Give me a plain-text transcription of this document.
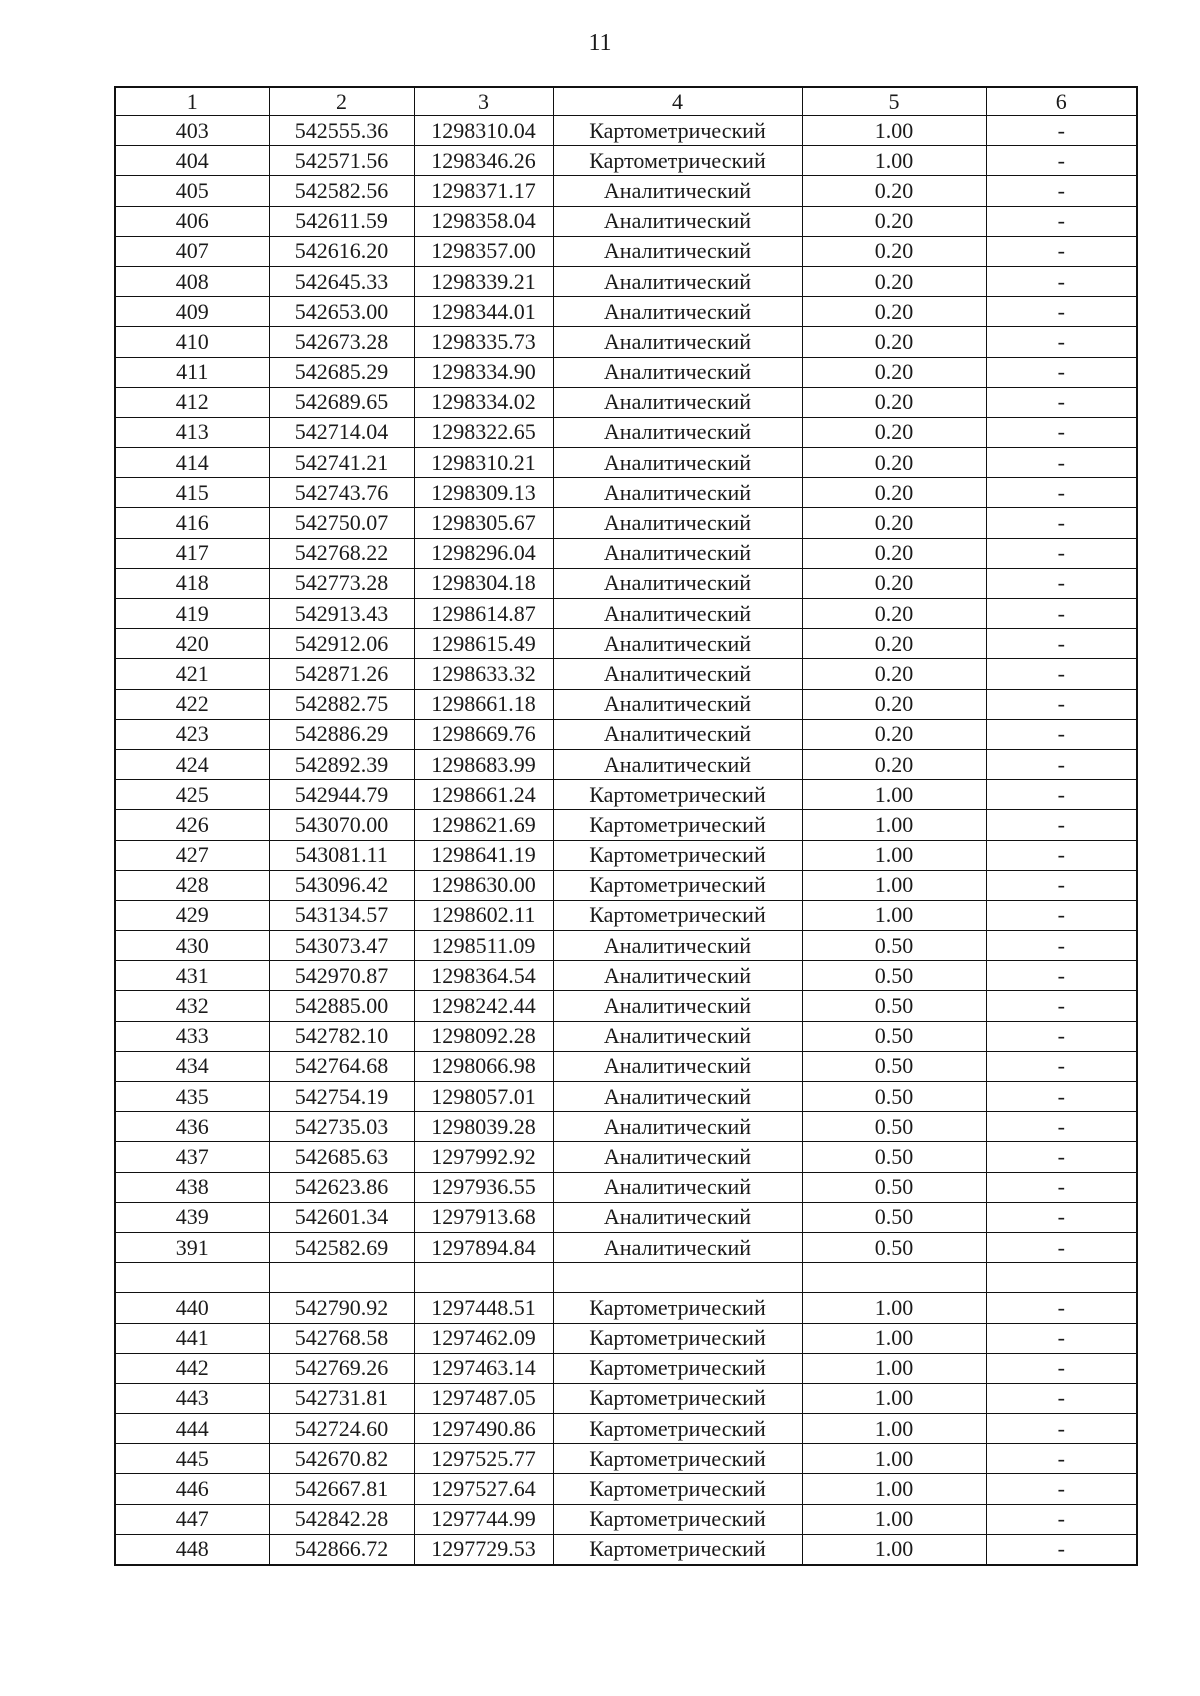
11
1	2	3	4	5	6
403	542555.36	1298310.04	Картометрический	1.00	-
404	542571.56	1298346.26	Картометрический	1.00	-
405	542582.56	1298371.17	Аналитический	0.20	-
406	542611.59	1298358.04	Аналитический	0.20	-
407	542616.20	1298357.00	Аналитический	0.20	-
408	542645.33	1298339.21	Аналитический	0.20	-
409	542653.00	1298344.01	Аналитический	0.20	-
410	542673.28	1298335.73	Аналитический	0.20	-
411	542685.29	1298334.90	Аналитический	0.20	-
412	542689.65	1298334.02	Аналитический	0.20	-
413	542714.04	1298322.65	Аналитический	0.20	-
414	542741.21	1298310.21	Аналитический	0.20	-
415	542743.76	1298309.13	Аналитический	0.20	-
416	542750.07	1298305.67	Аналитический	0.20	-
417	542768.22	1298296.04	Аналитический	0.20	-
418	542773.28	1298304.18	Аналитический	0.20	-
419	542913.43	1298614.87	Аналитический	0.20	-
420	542912.06	1298615.49	Аналитический	0.20	-
421	542871.26	1298633.32	Аналитический	0.20	-
422	542882.75	1298661.18	Аналитический	0.20	-
423	542886.29	1298669.76	Аналитический	0.20	-
424	542892.39	1298683.99	Аналитический	0.20	-
425	542944.79	1298661.24	Картометрический	1.00	-
426	543070.00	1298621.69	Картометрический	1.00	-
427	543081.11	1298641.19	Картометрический	1.00	-
428	543096.42	1298630.00	Картометрический	1.00	-
429	543134.57	1298602.11	Картометрический	1.00	-
430	543073.47	1298511.09	Аналитический	0.50	-
431	542970.87	1298364.54	Аналитический	0.50	-
432	542885.00	1298242.44	Аналитический	0.50	-
433	542782.10	1298092.28	Аналитический	0.50	-
434	542764.68	1298066.98	Аналитический	0.50	-
435	542754.19	1298057.01	Аналитический	0.50	-
436	542735.03	1298039.28	Аналитический	0.50	-
437	542685.63	1297992.92	Аналитический	0.50	-
438	542623.86	1297936.55	Аналитический	0.50	-
439	542601.34	1297913.68	Аналитический	0.50	-
391	542582.69	1297894.84	Аналитический	0.50	-

440	542790.92	1297448.51	Картометрический	1.00	-
441	542768.58	1297462.09	Картометрический	1.00	-
442	542769.26	1297463.14	Картометрический	1.00	-
443	542731.81	1297487.05	Картометрический	1.00	-
444	542724.60	1297490.86	Картометрический	1.00	-
445	542670.82	1297525.77	Картометрический	1.00	-
446	542667.81	1297527.64	Картометрический	1.00	-
447	542842.28	1297744.99	Картометрический	1.00	-
448	542866.72	1297729.53	Картометрический	1.00	-
